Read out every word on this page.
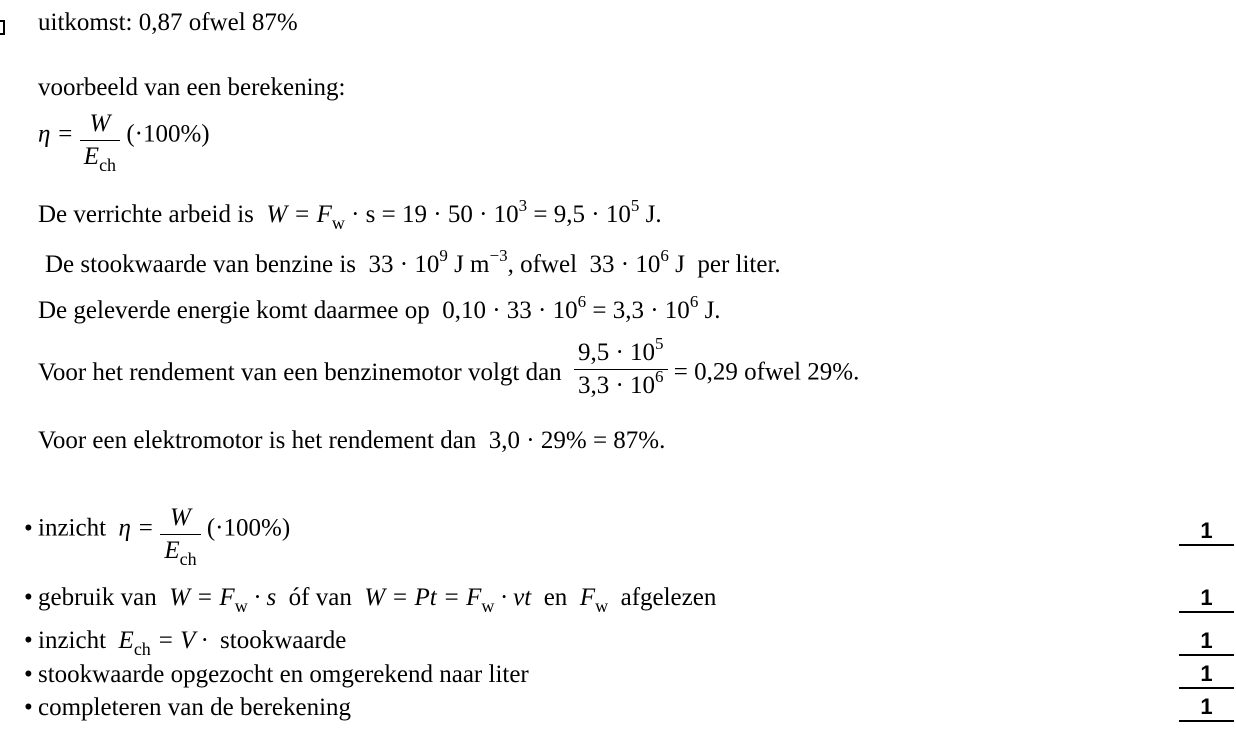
uitkomst: 0,87 ofwel 87%
voorbeeld van een berekening:
$\eta = \frac{W}{E_{ch}} (\cdot 100\%)$
De verrichte arbeid is $W = F_w \cdot s = 19 \cdot 50 \cdot 10^3 = 9,5 \cdot 10^5$ J.
De stookwaarde van benzine is $33 \cdot 10^9$ J $m^{-3}$, ofwel $33 \cdot 10^6$ J per liter.
De geleverde energie komt daarmee op $0,10 \cdot 33 \cdot 10^6 = 3,3 \cdot 10^6$ J.
Voor het rendement van een benzinemotor volgt dan $\frac{9,5 \cdot 10^5}{3,3 \cdot 10^6} = 0,29$ ofwel 29%.
Voor een elektromotor is het rendement dan 3,0 · 29% = 87%.
• inzicht $\eta = \frac{W}{E_{ch}} (\cdot 100\%)$	1
• gebruik van $W = F_w \cdot s$ óf van $W = Pt = F_w$ · vt en $F_w$ afgelezen	1
• inzicht $E_{ch} = V$ · stookwaarde	1
• stookwaarde opgezocht en omgerekend naar liter	1
• completeren van de berekening	1
